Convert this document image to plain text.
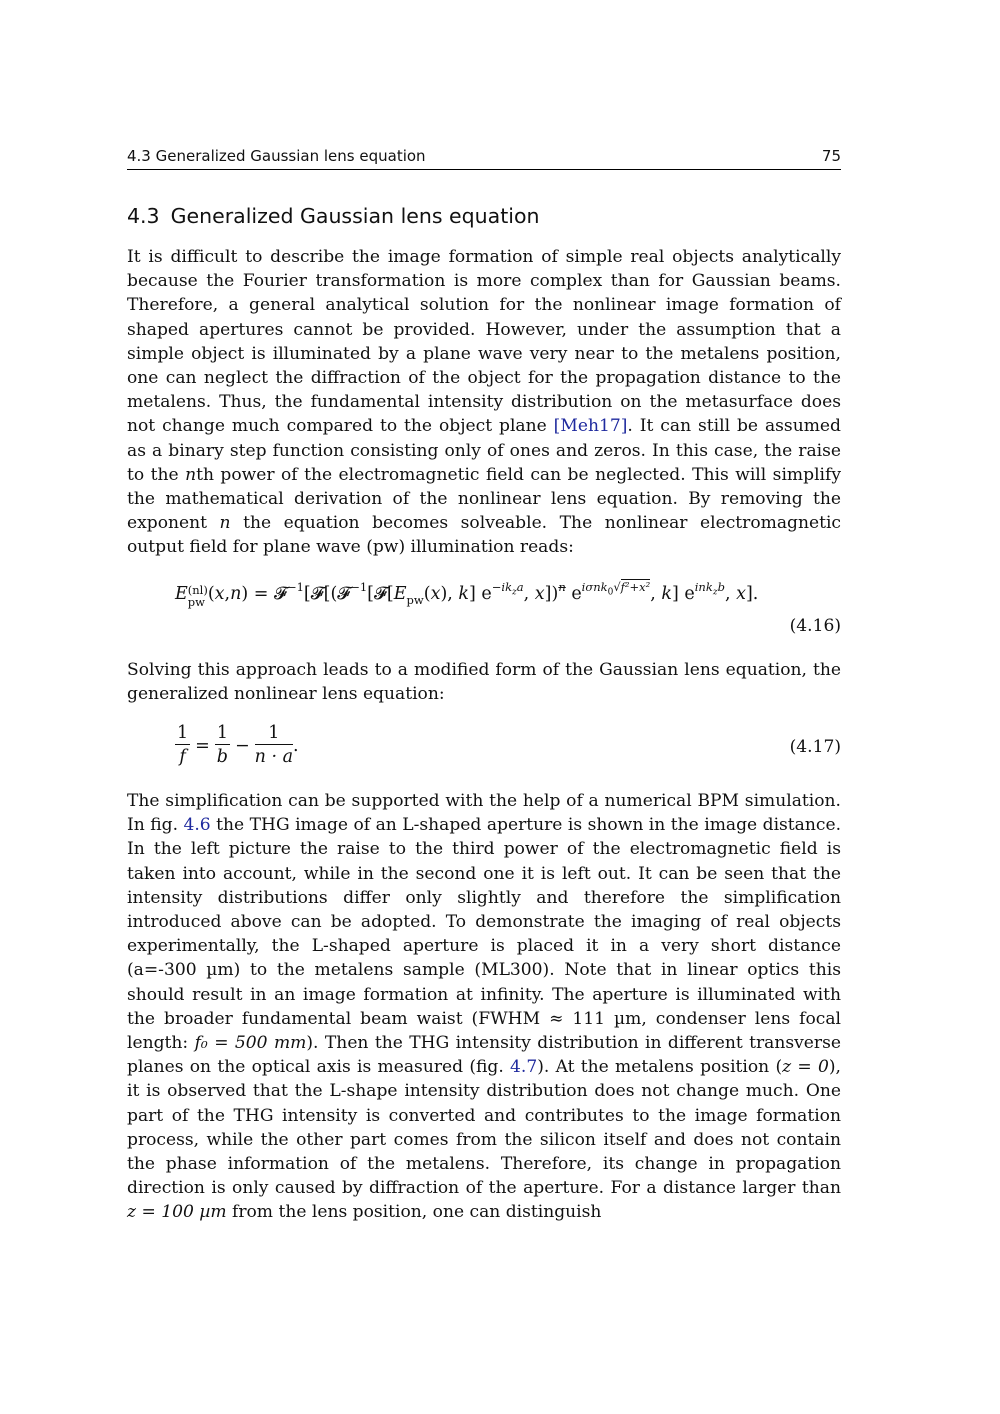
4.3 Generalized Gaussian lens equation	75
4.3 Generalized Gaussian lens equation

It is difficult to describe the image formation of simple real objects analytically because the Fourier transformation is more complex than for Gaussian beams. Therefore, a general analytical solution for the nonlinear image formation of shaped apertures cannot be provided. However, under the assumption that a simple object is illuminated by a plane wave very near to the metalens position, one can neglect the diffraction of the object for the propagation distance to the metalens. Thus, the fundamental intensity distribution on the metasurface does not change much compared to the object plane [Meh17]. It can still be assumed as a binary step function consisting only of ones and zeros. In this case, the raise to the nth power of the electromagnetic field can be neglected. This will simplify the mathematical derivation of the nonlinear lens equation. By removing the exponent n the equation becomes solveable. The nonlinear electromagnetic output field for plane wave (pw) illumination reads:

E (nl)
pw $(x,n) = 𝓕^{-1}[𝓕[(𝓕^{-1}[𝓕[E_{pw}(x)$, k] $e^{-ik_za}$, x])$^n$ $e^{i\sigma nk_0√f^2+x^2}$, k] $e^{ink_zb}$, x].
(4.16)

Solving this approach leads to a modified form of the Gaussian lens equation, the generalized nonlinear lens equation:

$\frac{1}{f} = \frac{1}{b} - \frac{1}{n \cdot a}$ .	(4.17)

The simplification can be supported with the help of a numerical BPM simulation. In fig. 4.6 the THG image of an L-shaped aperture is shown in the image distance. In the left picture the raise to the third power of the electromagnetic field is taken into account, while in the second one it is left out. It can be seen that the intensity distributions differ only slightly and therefore the simplification introduced above can be adopted. To demonstrate the imaging of real objects experimentally, the L-shaped aperture is placed it in a very short distance (a=-300 µm) to the metalens sample (ML300). Note that in linear optics this should result in an image formation at infinity. The aperture is illuminated with the broader fundamental beam waist (FWHM ≈ 111 µm, condenser lens focal length: f₀ = 500 mm). Then the THG intensity distribution in different transverse planes on the optical axis is measured (fig. 4.7). At the metalens position (z = 0), it is observed that the L-shape intensity distribution does not change much. One part of the THG intensity is converted and contributes to the image formation process, while the other part comes from the silicon itself and does not contain the phase information of the metalens. Therefore, its change in propagation direction is only caused by diffraction of the aperture. For a distance larger than z = 100 µm from the lens position, one can distinguish
